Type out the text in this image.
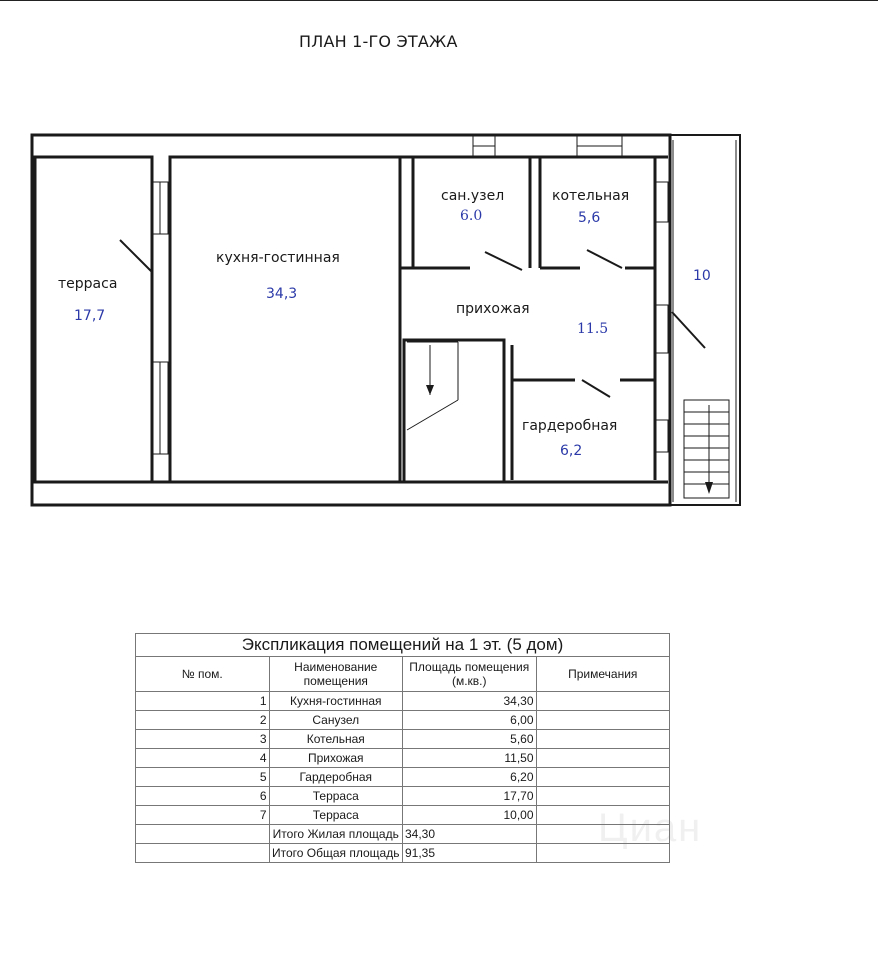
ПЛАН 1-ГО ЭТАЖА
терраса
17,7
кухня-гостинная
34,3
сан.узел
6.0
котельная
5,6
прихожая
11.5
гардеробная
6,2
10
Циан
Экспликация помещений на 1 эт. (5 дом)			
№ пом.	Наименование помещения	Площадь помещения (м.кв.)	Примечания
1	Кухня-гостинная	34,30	
2	Санузел	6,00	
3	Котельная	5,60	
4	Прихожая	11,50	
5	Гардеробная	6,20	
6	Терраса	17,70	
7	Терраса	10,00	
	Итого Жилая площадь	34,30	
	Итого Общая площадь	91,35	
